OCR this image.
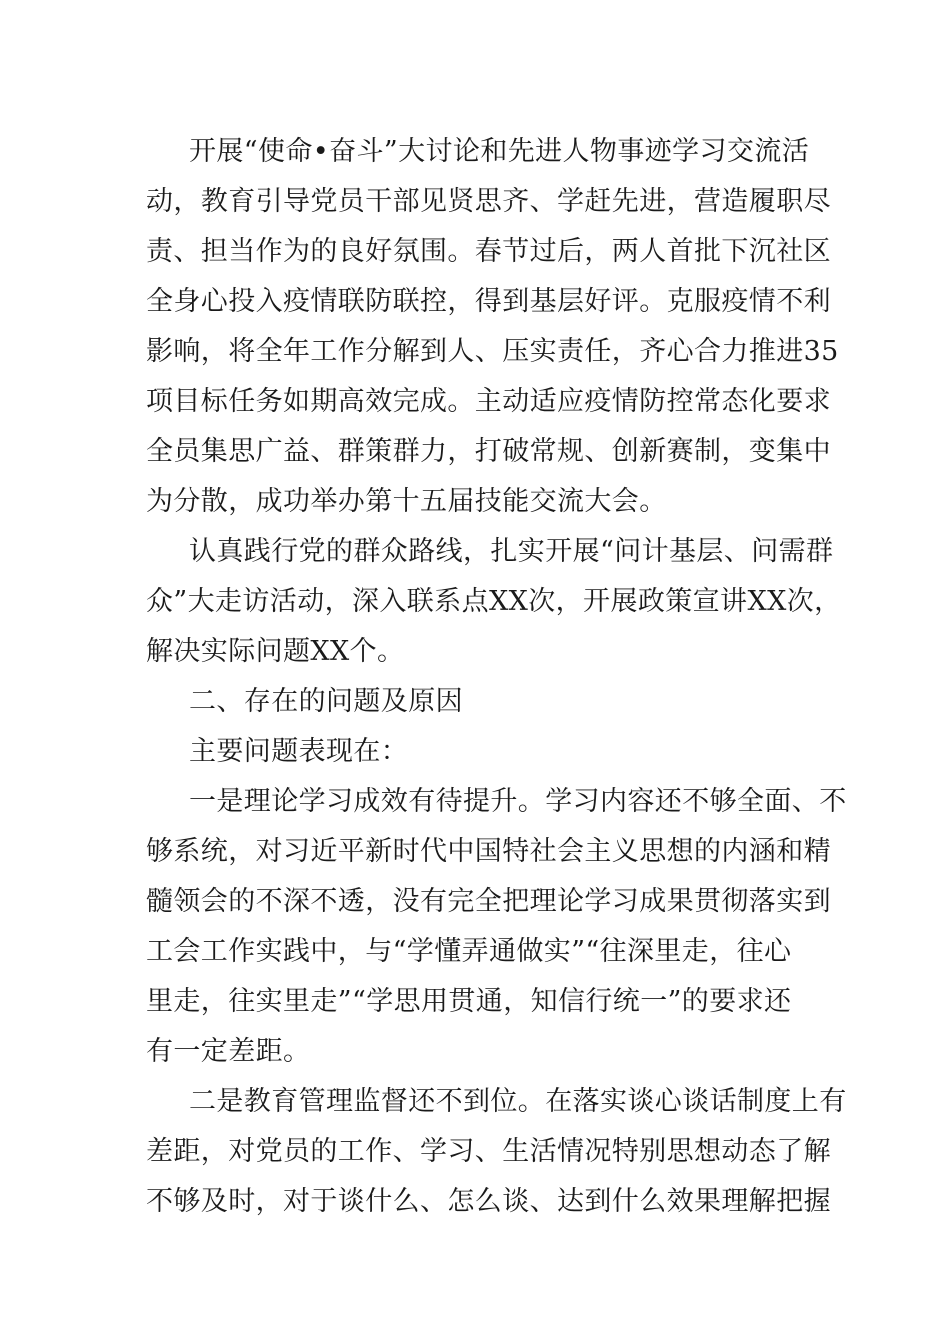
开展“使命•奋斗”大讨论和先进人物事迹学习交流活
动，教育引导党员干部见贤思齐、学赶先进，营造履职尽
责、担当作为的良好氛围。春节过后，两人首批下沉社区
全身心投入疫情联防联控，得到基层好评。克服疫情不利
影响，将全年工作分解到人、压实责任，齐心合力推进35
项目标任务如期高效完成。主动适应疫情防控常态化要求
全员集思广益、群策群力，打破常规、创新赛制，变集中
为分散，成功举办第十五届技能交流大会。
认真践行党的群众路线，扎实开展“问计基层、问需群
众”大走访活动，深入联系点XX次，开展政策宣讲XX次，
解决实际问题XX个。
二、存在的问题及原因
主要问题表现在：
一是理论学习成效有待提升。学习内容还不够全面、不
够系统，对习近平新时代中国特社会主义思想的内涵和精
髓领会的不深不透，没有完全把理论学习成果贯彻落实到
工会工作实践中，与“学懂弄通做实”“往深里走，往心
里走，往实里走”“学思用贯通，知信行统一”的要求还
有一定差距。
二是教育管理监督还不到位。在落实谈心谈话制度上有
差距，对党员的工作、学习、生活情况特别思想动态了解
不够及时，对于谈什么、怎么谈、达到什么效果理解把握
